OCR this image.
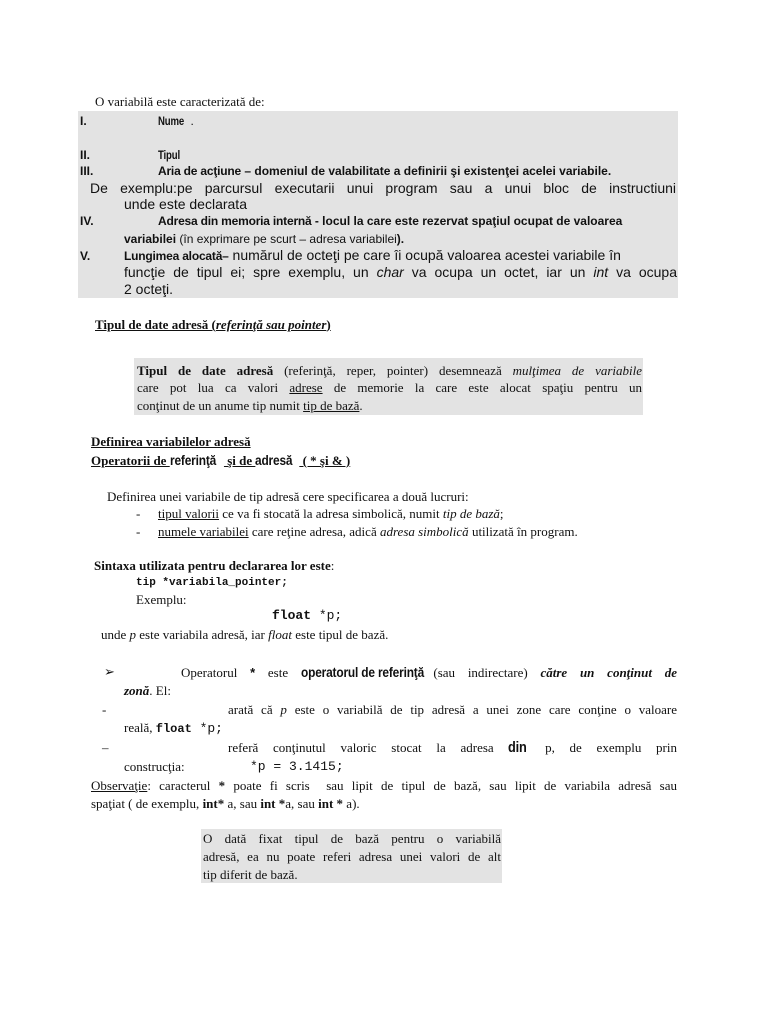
O variabilă este caracterizată de:
I.	Nume .
II.	Tipul
III.	Aria de acţiune – domeniul de valabilitate a definirii şi existenţei acelei variabile.
De exemplu:pe parcursul executarii unui program sau a unui bloc de instructiuni
unde este declarata
IV.	Adresa din memoria internă - locul la care este rezervat spaţiul ocupat de valoarea
variabilei (în exprimare pe scurt – adresa variabilei).
V.	Lungimea alocată– numărul de octeţi pe care îi ocupă valoarea acestei variabile în
funcţie de tipul ei; spre exemplu, un char va ocupa un octet, iar un int va ocupa
2 octeţi.
Tipul de date adresă (referinţă sau pointer)
Tipul de date adresă (referinţă, reper, pointer) desemnează mulţimea de variabile
care pot lua ca valori adrese de memorie la care este alocat spaţiu pentru un
conţinut de un anume tip numit tip de bază.
Definirea variabilelor adresă
Operatorii de referinţă şi de adresă ( * şi & )
Definirea unei variabile de tip adresă cere specificarea a două lucruri:
- tipul valorii ce va fi stocată la adresa simbolică, numit tip de bază;
- numele variabilei care reţine adresa, adică adresa simbolică utilizată în program.
Sintaxa utilizata pentru declararea lor este:
tip *variabila_pointer;
Exemplu:
float *p;
unde p este variabila adresă, iar float este tipul de bază.
➢	Operatorul * este operatorul de referinţă (sau indirectare) către un conţinut de
zonă. El:
-	arată că p este o variabilă de tip adresă a unei zone care conţine o valoare
reală, float *p;
–	referă conţinutul valoric stocat la adresa din p, de exemplu prin
construcţia:	*p = 3.1415;
Observaţie: caracterul * poate fi scris  sau lipit de tipul de bază, sau lipit de variabila adresă sau
spaţiat ( de exemplu, int* a, sau int *a, sau int * a).
O dată fixat tipul de bază pentru o variabilă
adresă, ea nu poate referi adresa unei valori de alt
tip diferit de bază.
